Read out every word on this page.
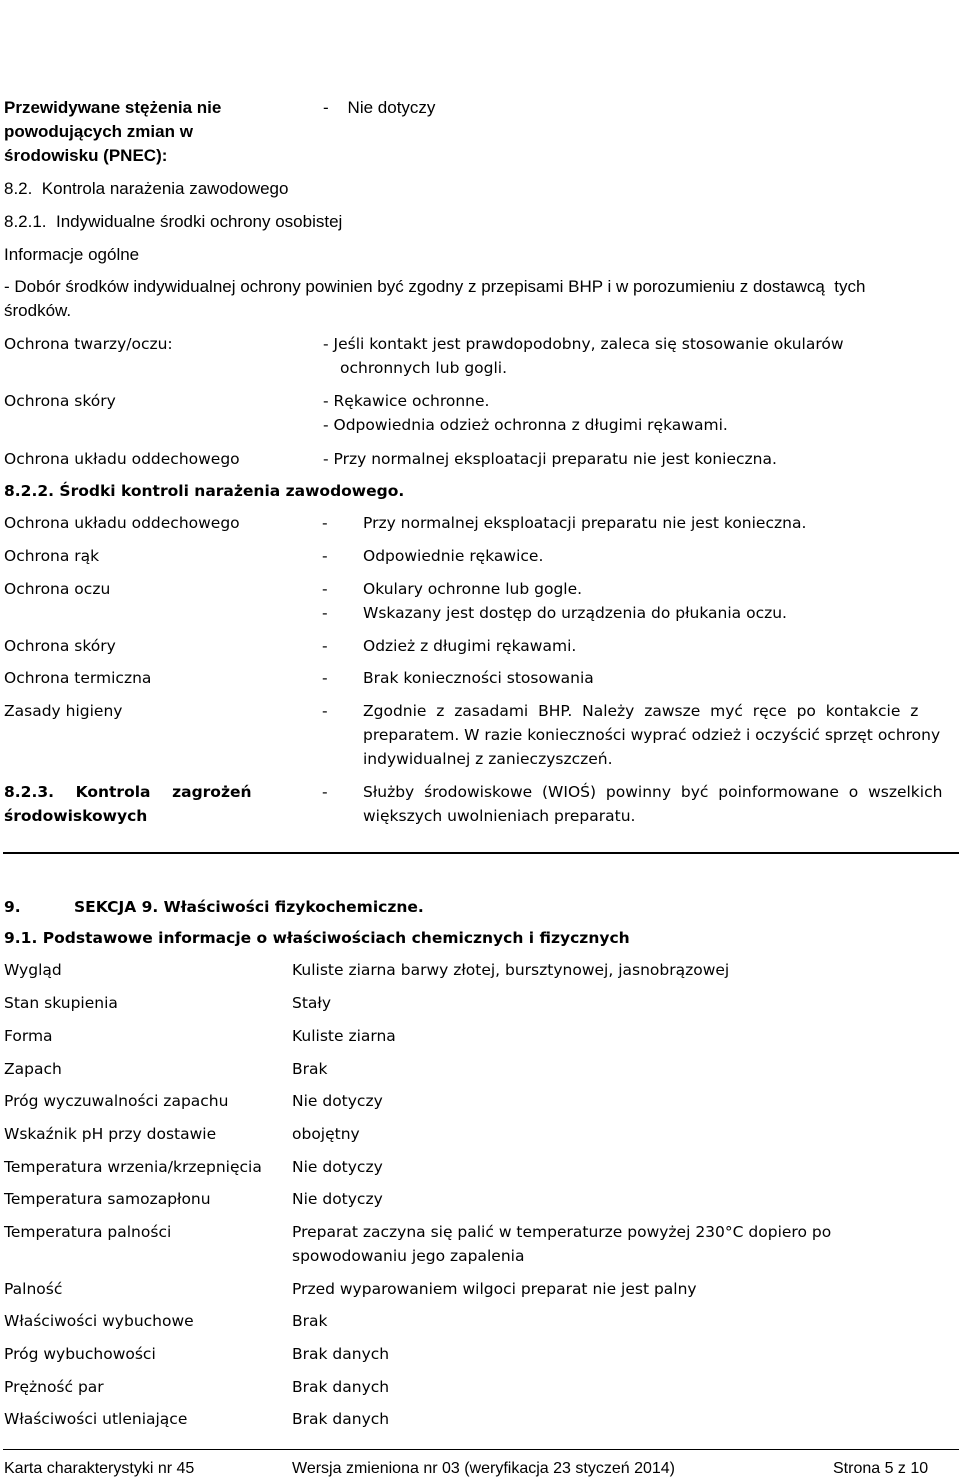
Przewidywane stężenia nie
powodujących zmian w
środowisku (PNEC):
-    Nie dotyczy
8.2.  Kontrola narażenia zawodowego
8.2.1.  Indywidualne środki ochrony osobistej
Informacje ogólne
- Dobór środków indywidualnej ochrony powinien być zgodny z przepisami BHP i w porozumieniu z dostawcą  tych
środków.
Ochrona twarzy/oczu:	- Jeśli kontakt jest prawdopodobny, zaleca się stosowanie okularów
ochronnych lub gogli.
Ochrona skóry	- Rękawice ochronne.
- Odpowiednia odzież ochronna z długimi rękawami.
Ochrona układu oddechowego	- Przy normalnej eksploatacji preparatu nie jest konieczna.
8.2.2. Środki kontroli narażenia zawodowego.
Ochrona układu oddechowego	- Przy normalnej eksploatacji preparatu nie jest konieczna.
Ochrona rąk	- Odpowiednie rękawice.
Ochrona oczu	- Okulary ochronne lub gogle.
- Wskazany jest dostęp do urządzenia do płukania oczu.
Ochrona skóry	- Odzież z długimi rękawami.
Ochrona termiczna	- Brak konieczności stosowania
Zasady higieny	- Zgodnie  z  zasadami  BHP.  Należy  zawsze  myć  ręce  po  kontakcie  z
preparatem. W razie konieczności wyprać odzież i oczyścić sprzęt ochrony
indywidualnej z zanieczyszczeń.
8.2.3.    Kontrola    zagrożeń
środowiskowych
- Służby  środowiskowe  (WIOŚ)  powinny  być  poinformowane  o  wszelkich
większych uwolnieniach preparatu.
9.	SEKCJA 9. Właściwości fizykochemiczne.
9.1. Podstawowe informacje o właściwościach chemicznych i fizycznych
Wygląd	Kuliste ziarna barwy złotej, bursztynowej, jasnobrązowej
Stan skupienia	Stały
Forma	Kuliste ziarna
Zapach	Brak
Próg wyczuwalności zapachu	Nie dotyczy
Wskaźnik pH przy dostawie	obojętny
Temperatura wrzenia/krzepnięcia Nie dotyczy
Temperatura samozapłonu	Nie dotyczy
Temperatura palności	Preparat zaczyna się palić w temperaturze powyżej 230°C dopiero po
spowodowaniu jego zapalenia
Palność	Przed wyparowaniem wilgoci preparat nie jest palny
Właściwości wybuchowe	Brak
Próg wybuchowości	Brak danych
Prężność par	Brak danych
Właściwości utleniające	Brak danych
Karta charakterystyki nr 45	Wersja zmieniona nr 03 (weryfikacja 23 styczeń 2014)	Strona 5 z 10
